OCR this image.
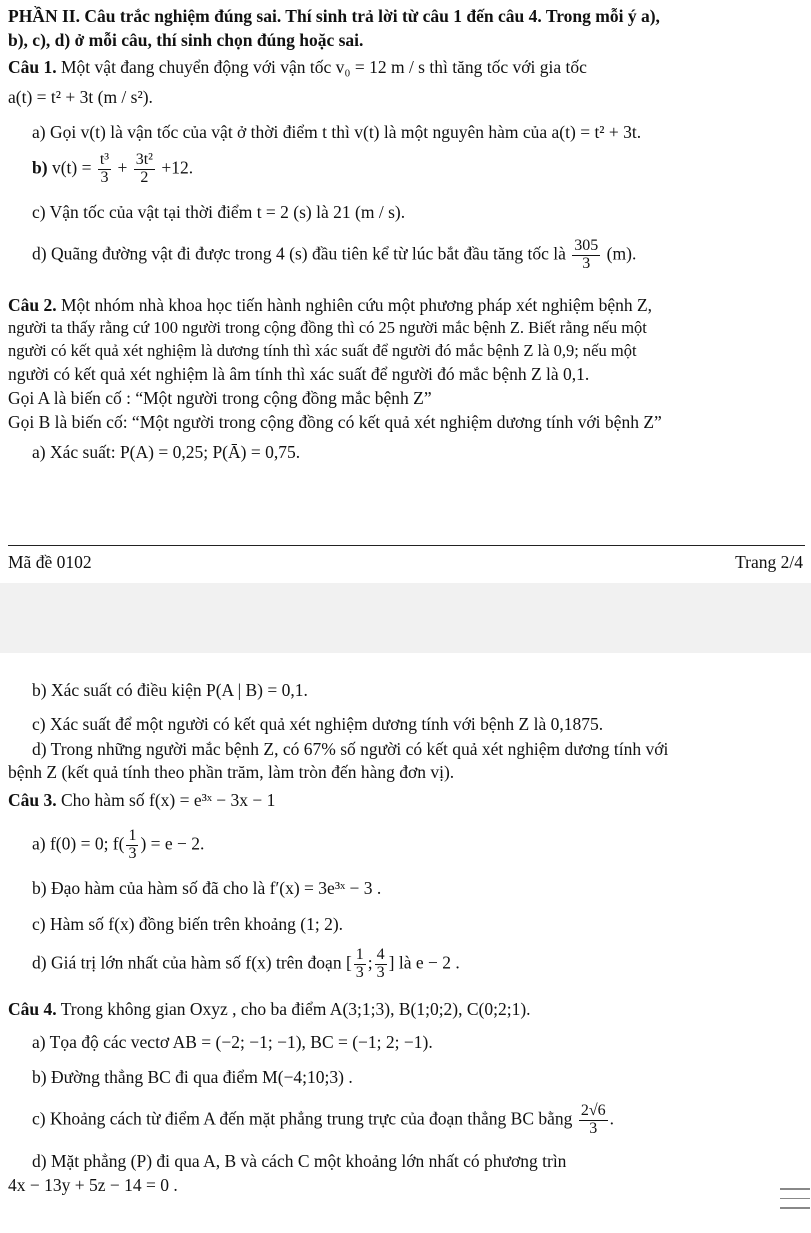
PHẦN II. Câu trắc nghiệm đúng sai. Thí sinh trả lời từ câu 1 đến câu 4. Trong mỗi ý a),

b), c), d) ở mỗi câu, thí sinh chọn đúng hoặc sai.

Câu 1. Một vật đang chuyển động với vận tốc v₀ = 12 m / s thì tăng tốc với gia tốc

a(t) = t² + 3t (m / s²).

a) Gọi v(t) là vận tốc của vật ở thời điểm t thì v(t) là một nguyên hàm của a(t) = t² + 3t.

b) $v(t) = \frac{\text{t³}}{3} + \frac{\text{3t²}}{2} +12$.

c) Vận tốc của vật tại thời điểm t = 2 (s) là 21 (m / s).

d) Quãng đường vật đi được trong 4 (s) đầu tiên kể từ lúc bắt đầu tăng tốc là $\frac{305}{3} (m)$.

Câu 2. Một nhóm nhà khoa học tiến hành nghiên cứu một phương pháp xét nghiệm bệnh Z,

người ta thấy rằng cứ 100 người trong cộng đồng thì có 25 người mắc bệnh Z. Biết rằng nếu một

người có kết quả xét nghiệm là dương tính thì xác suất để người đó mắc bệnh Z là 0,9; nếu một

người có kết quả xét nghiệm là âm tính thì xác suất để người đó mắc bệnh Z là 0,1.

Gọi A là biến cố : “Một người trong cộng đồng mắc bệnh Z”

Gọi B là biến cố: “Một người trong cộng đồng có kết quả xét nghiệm dương tính với bệnh Z”

a) Xác suất: P(A) = 0,25; P(Ā) = 0,75.

Mã đề 0102	Trang 2/4

b) Xác suất có điều kiện P(A | B) = 0,1.

c) Xác suất để một người có kết quả xét nghiệm dương tính với bệnh Z là 0,1875.

d) Trong những người mắc bệnh Z, có 67% số người có kết quả xét nghiệm dương tính với

bệnh Z (kết quả tính theo phần trăm, làm tròn đến hàng đơn vị).

Câu 3. Cho hàm số f(x) = e³ˣ − 3x − 1

a) f(0) = 0; $f( \frac{1}{3}$ ) = e − 2.

b) Đạo hàm của hàm số đã cho là f′(x) = 3e³ˣ − 3 .

c) Hàm số f(x) đồng biến trên khoảng (1; 2).

d) Giá trị lớn nhất của hàm số f(x) trên đoạn [ $\frac{1}{3}$ ; $\frac{4}{3}$ ] là e − 2 .

Câu 4. Trong không gian Oxyz , cho ba điểm A(3;1;3), B(1;0;2), C(0;2;1).

a) Tọa độ các vectơ AB = (−2; −1; −1), BC = (−1; 2; −1).

b) Đường thẳng BC đi qua điểm M(−4;10;3) .

c) Khoảng cách từ điểm A đến mặt phẳng trung trực của đoạn thẳng BC bằng $\frac{2√6}{3}$ .

d) Mặt phẳng (P) đi qua A, B và cách C một khoảng lớn nhất có phương trìn

4x − 13y + 5z − 14 = 0 .
